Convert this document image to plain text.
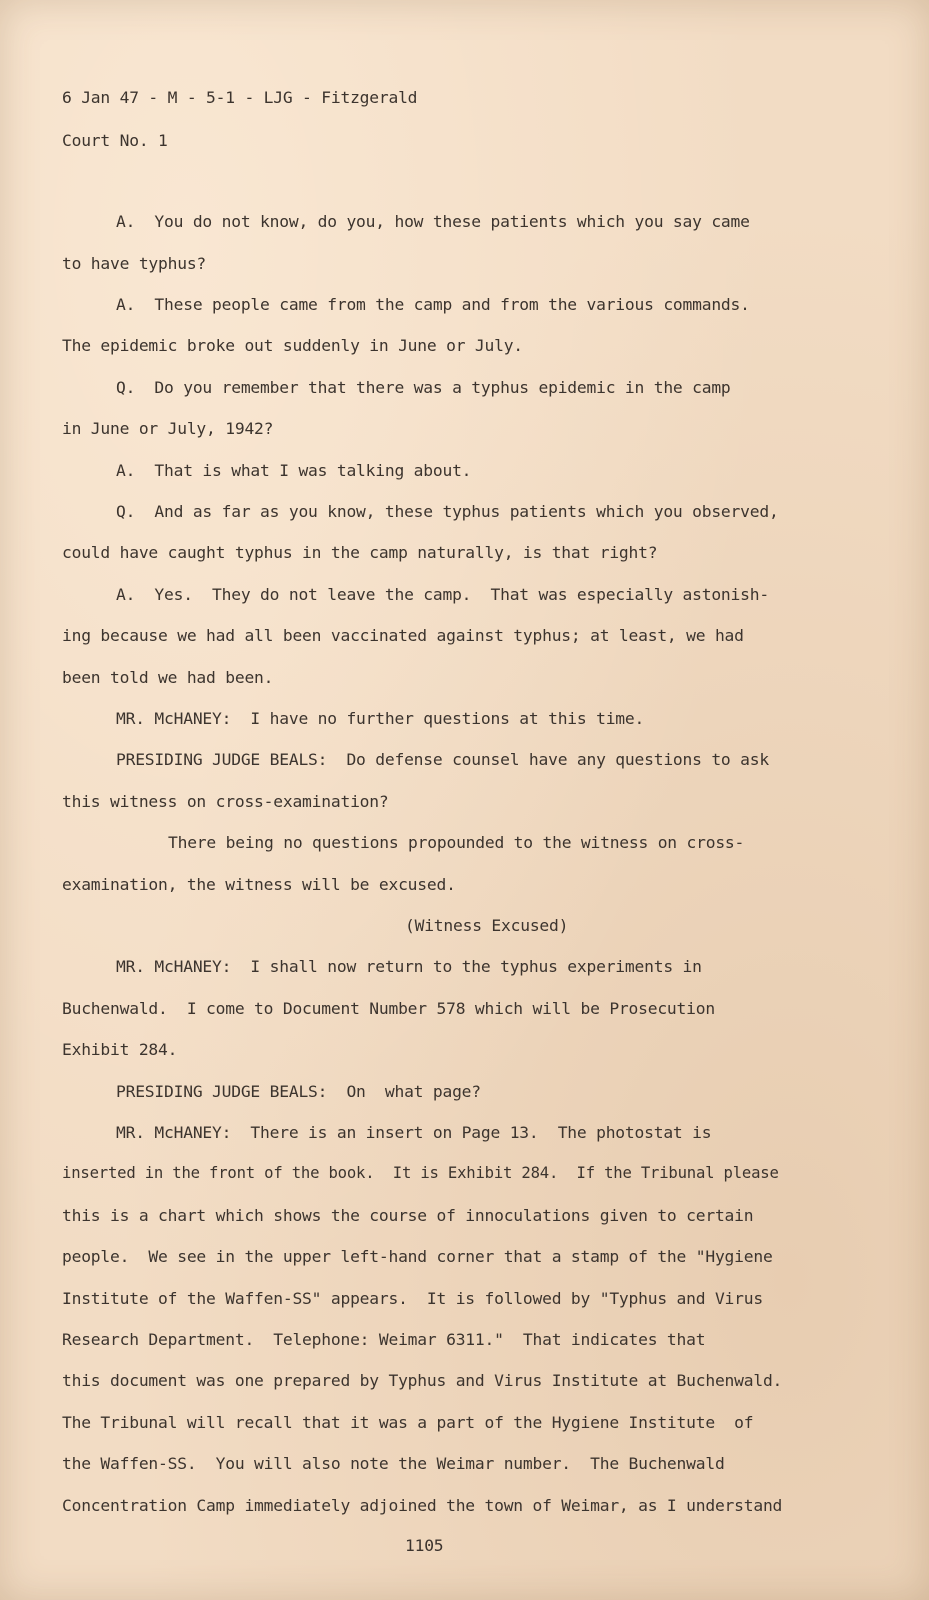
6 Jan 47 - M - 5-1 - LJG - Fitzgerald
Court No. 1
A.  You do not know, do you, how these patients which you say came
to have typhus?
A.  These people came from the camp and from the various commands.
The epidemic broke out suddenly in June or July.
Q.  Do you remember that there was a typhus epidemic in the camp
in June or July, 1942?
A.  That is what I was talking about.
Q.  And as far as you know, these typhus patients which you observed,
could have caught typhus in the camp naturally, is that right?
A.  Yes.  They do not leave the camp.  That was especially astonish-
ing because we had all been vaccinated against typhus; at least, we had
been told we had been.
MR. McHANEY:  I have no further questions at this time.
PRESIDING JUDGE BEALS:  Do defense counsel have any questions to ask
this witness on cross-examination?
There being no questions propounded to the witness on cross-
examination, the witness will be excused.
(Witness Excused)
MR. McHANEY:  I shall now return to the typhus experiments in
Buchenwald.  I come to Document Number 578 which will be Prosecution
Exhibit 284.
PRESIDING JUDGE BEALS:  On  what page?
MR. McHANEY:  There is an insert on Page 13.  The photostat is
inserted in the front of the book.  It is Exhibit 284.  If the Tribunal please
this is a chart which shows the course of innoculations given to certain
people.  We see in the upper left-hand corner that a stamp of the "Hygiene
Institute of the Waffen-SS" appears.  It is followed by "Typhus and Virus
Research Department.  Telephone: Weimar 6311."  That indicates that
this document was one prepared by Typhus and Virus Institute at Buchenwald.
The Tribunal will recall that it was a part of the Hygiene Institute  of
the Waffen-SS.  You will also note the Weimar number.  The Buchenwald
Concentration Camp immediately adjoined the town of Weimar, as I understand
1105
